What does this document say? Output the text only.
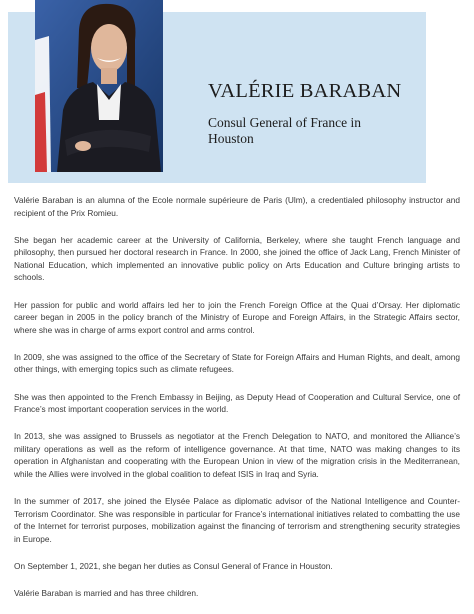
VALÉRIE BARABAN

Consul General of France in Houston

Valérie Baraban is an alumna of the Ecole normale supérieure de Paris (Ulm), a credentialed philosophy instructor and recipient of the Prix Romieu.

She began her academic career at the University of California, Berkeley, where she taught French language and philosophy, then pursued her doctoral research in France. In 2000, she joined the office of Jack Lang, French Minister of National Education, which implemented an innovative public policy on Arts Education and Culture bringing artists to schools.

Her passion for public and world affairs led her to join the French Foreign Office at the Quai d’Orsay. Her diplomatic career began in 2005 in the policy branch of the Ministry of Europe and Foreign Affairs, in the Strategic Affairs sector, where she was in charge of arms export control and arms control.

In 2009, she was assigned to the office of the Secretary of State for Foreign Affairs and Human Rights, and dealt, among other things, with emerging topics such as climate refugees.

She was then appointed to the French Embassy in Beijing, as Deputy Head of Cooperation and Cultural Service, one of France’s most important cooperation services in the world.

In 2013, she was assigned to Brussels as negotiator at the French Delegation to NATO, and monitored the Alliance’s military operations as well as the reform of intelligence governance. At that time, NATO was making changes to its operation in Afghanistan and cooperating with the European Union in view of the migration crisis in the Mediterranean, while the Allies were involved in the global coalition to defeat ISIS in Iraq and Syria.

In the summer of 2017, she joined the Elysée Palace as diplomatic advisor of the National Intelligence and Counter-Terrorism Coordinator. She was responsible in particular for France’s international initiatives related to combatting the use of the Internet for terrorist purposes, mobilization against the financing of terrorism and strengthening security strategies in Europe.

On September 1, 2021, she began her duties as Consul General of France in Houston.

Valérie Baraban is married and has three children.
